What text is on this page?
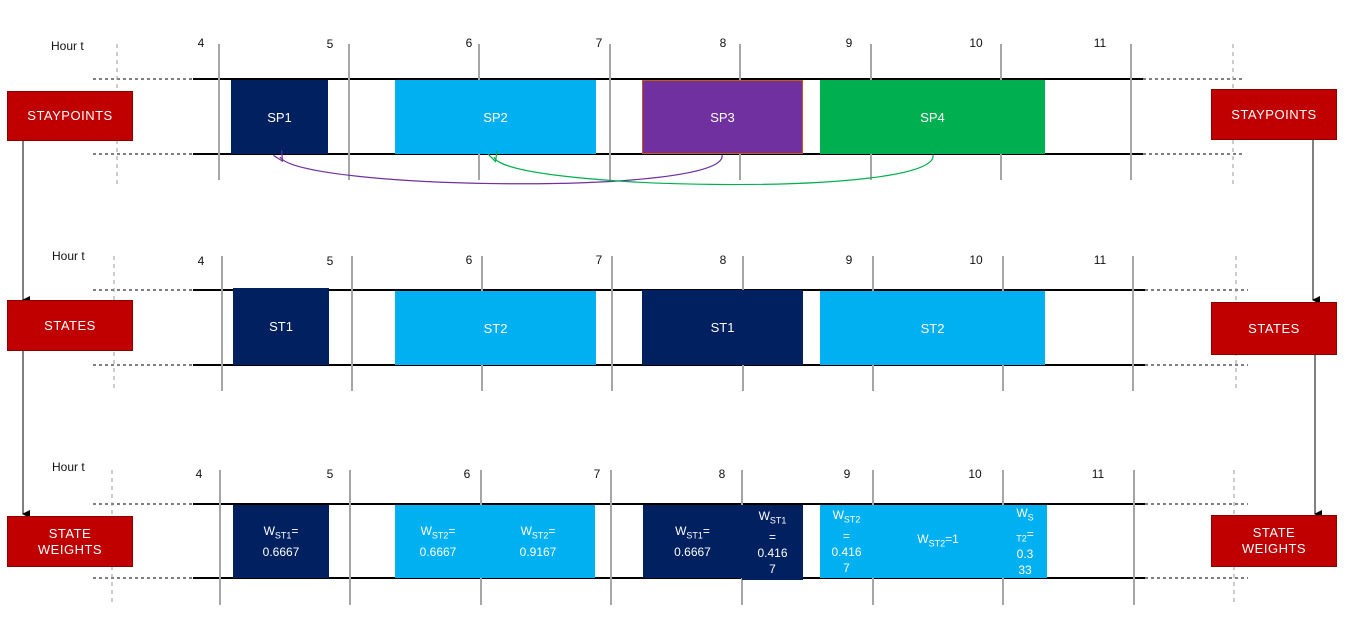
STAYPOINTS	STAYPOINTS
STATES	STATES
STATE
WEIGHTS
STATE
WEIGHTS
Hour t
Hour t
Hour t
4	5	6	7	8	9	10	11
4	5	6	7	8	9	10	11
4	5	6	7	8	9	10	11
SP1	SP2	SP3	SP4
ST1	ST2	ST1	ST2
$W_{ST1}=$
0.6667
$W_{ST2}=$
0.6667
$W_{ST2}=$
0.9167
$W_{ST1}=$
0.6667
$W_{ST1}$
=
0.416
7
$W_{ST2}$
=
0.416
7
$W_{ST2}=1$
$W_S$
$_{T2}$=
0.3
33
